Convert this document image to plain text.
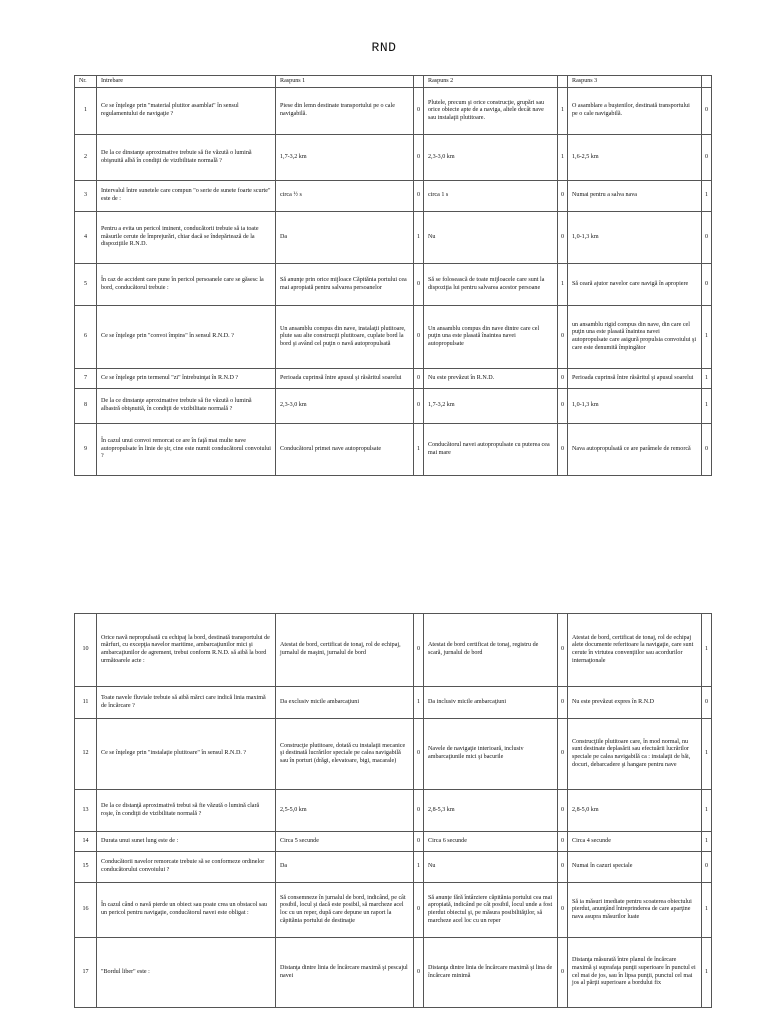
RND
Nr.	Intrebare	Raspuns 1		Raspuns 2		Raspuns 3	
1	Ce se înţelege prin "material plutitor asamblat" în sensul regulamentului de navigaţie ?	Piese din lemn destinate transportului pe o cale navigabilă.	0	Plutele, precum şi orice construcţie, grupări sau orice obiecte apte de a naviga, altele decât nave sau instalaţii plutitoare.	1	O asamblare a buştenilor, destinată transportului pe o cale navigabilă.	0
2	De la ce dinstanţe aproximative trebuie să fie văzută o lumină obişnuită albă în condiţii de vizibilitate normală ?	1,7-3,2 km	0	2,3-3,0 km	1	1,6-2,5 km	0
3	Intervalul între sunetele care compun "o serie de sunete foarte scurte" este de :	circa ½ s	0	circa 1 s	0	Numai pentru a salva nava	1
4	Pentru a evita un pericol iminent, conducătorii trebuie să ia toate măsurile cerute de împrejurări, chiar dacă se îndepărtează de la dispoziţiile R.N.D.	Da	1	Nu	0	1,0-1,3 km	0
5	În caz de accident care pune în pericol persoanele care se găsesc la bord, conducătorul trebuie :	Să anunţe prin orice mijloace Căpitănia portului cea mai apropiată pentru salvarea persoanelor	0	Să se folosească de toate mijloacele care sunt la dispoziţia lui pentru salvarea acestor persoane	1	Să ceară ajutor navelor care navigă în apropiere	0
6	Ce se înţelege prin "convoi împins" în sensul R.N.D. ?	Un ansamblu compus din nave, instalaţii plutitoare, plute sau alte construcţii plutitoare, cuplate bord la bord şi având cel puţin o navă autopropulsată	0	Un ansamblu compus din nave dintre care cel puţin una este plasată înaintea navei autopropulsate	0	un ansamblu rigid compus din nave, din care cel puţin una este plasată înaintea navei autopropulsate care asigură propulsia convoiului şi care este denumită împingător	1
7	Ce se înţelege prin termenul "zi" întrebuinţat în R.N.D ?	Perioada cuprinsă între apusul şi răsăritul soarelui	0	Nu este prevăzut în R.N.D.	0	Perioada cuprinsă între răsăritul şi apusul soarelui	1
8	De la ce dinstanţe aproximative trebuie să fie văzută o lumină albastră obişnuită, în condiţii de vizibilitate normală ?	2,3-3,0 km	0	1,7-3,2 km	0	1,0-1,3 km	1
9	În cazul unui convoi remorcat ce are în faţă mai multe nave autopropulsate în linie de şir, cine este numit conducătorul convoiului ?	Conducătorul primei nave autopropulsate	1	Conducătorul navei autopropulsate cu puterea cea mai mare	0	Nava autopropulsată ce are parâmele de remorcă	0
10	Orice navă nepropulsată cu echipaj la bord, destinată transportului de mărfuri, cu excepţia navelor maritime, ambarcaţiunilor mici şi ambarcaţiunilor de agrement, trebui conform R.N.D. să aibă la bord următoarele acte :	Atestat de bord, certificat de tonaj, rol de echipaj, jurnalul de maşini, jurnalul de bord	0	Atestat de bord certificat de tonaj, registru de scară, jurnalul de bord	0	Atestat de bord, certificat de tonaj, rol de echipaj alete documente referitoare la navigaţie, care sunt cerute în virtutea convenţiilor sau acordurilor internaţionale	1
11	Toate navele fluviale trebuie să aibă mărci care indică linia maximă de încărcare ?	Da exclusiv micile ambarcaţiuni	1	Da inclusiv micile ambarcaţiuni	0	Nu este prevăzut expres în R.N.D	0
12	Ce se înţelege prin "instalaţie plutitoare" în sensul R.N.D. ?	Construcţie plutitoare, dotată cu instalaţii mecanice şi destinată lucrărilor speciale pe calea navigabilă sau în porturi (drăgi, elevatoare, bigi, macarale)	0	Navele de navigaţie interioară, inclusiv ambarcaţiunile mici şi bacurile	0	Construcţiile plutitoare care, în mod normal, nu sunt destinate deplasării sau efectuării lucrărilor speciale pe calea navigabilă ca : instalaţii de băi, docuri, debarcadere şi hangare pentru nave	1
13	De la ce distanţă aproximativă trebui să fie văzută o lumină clară roşie, în condiţii de vizibilitate normală ?	2,5-5,0 km	0	2,8-5,3 km	0	2,8-5,0 km	1
14	Durata unui sunet lung este de :	Circa 5 secunde	0	Circa 6 secunde	0	Circa 4 secunde	1
15	Conducătorii navelor remorcate trebuie să se conformeze ordinelor conducătorului convoiului ?	Da	1	Nu	0	Numai în cazuri speciale	0
16	În cazul când o navă pierde un obiect sau poate crea un obstacol sau un pericol pentru navigaţie, conducătorul navei este obligat :	Să consemneze în jurnalul de bord, indicând, pe cât posibil, locul şi dacă este posibil, să marcheze acel loc cu un reper, după care depune un raport la căpitănia portului de destinaţie	0	Să anunţe fără întârziere căpitănia portului cea mai apropiată, indicând pe cât posibil, locul unde a fost pierdut obiectul şi, pe măsura posibilităţilor, să marcheze acel loc cu un reper	0	Să ia măsuri imediate pentru scoaterea obiectului pierdut, anunţând întreprinderea de care aparţine nava asupra măsurilor luate	1
17	"Bordul liber" este :	Distanţa dintre linia de încărcare maximă şi pescajul navei	0	Distanţa dintre linia de încărcare maximă şi lina de încărcare minimă	0	Distanţa măsurată între planul de încărcare maximă şi suprafaţa punţii superioare în punctul ei cel mai de jos, sau în lipsa punţii, punctul cel mai jos al părţii superioare a bordului fix	1
